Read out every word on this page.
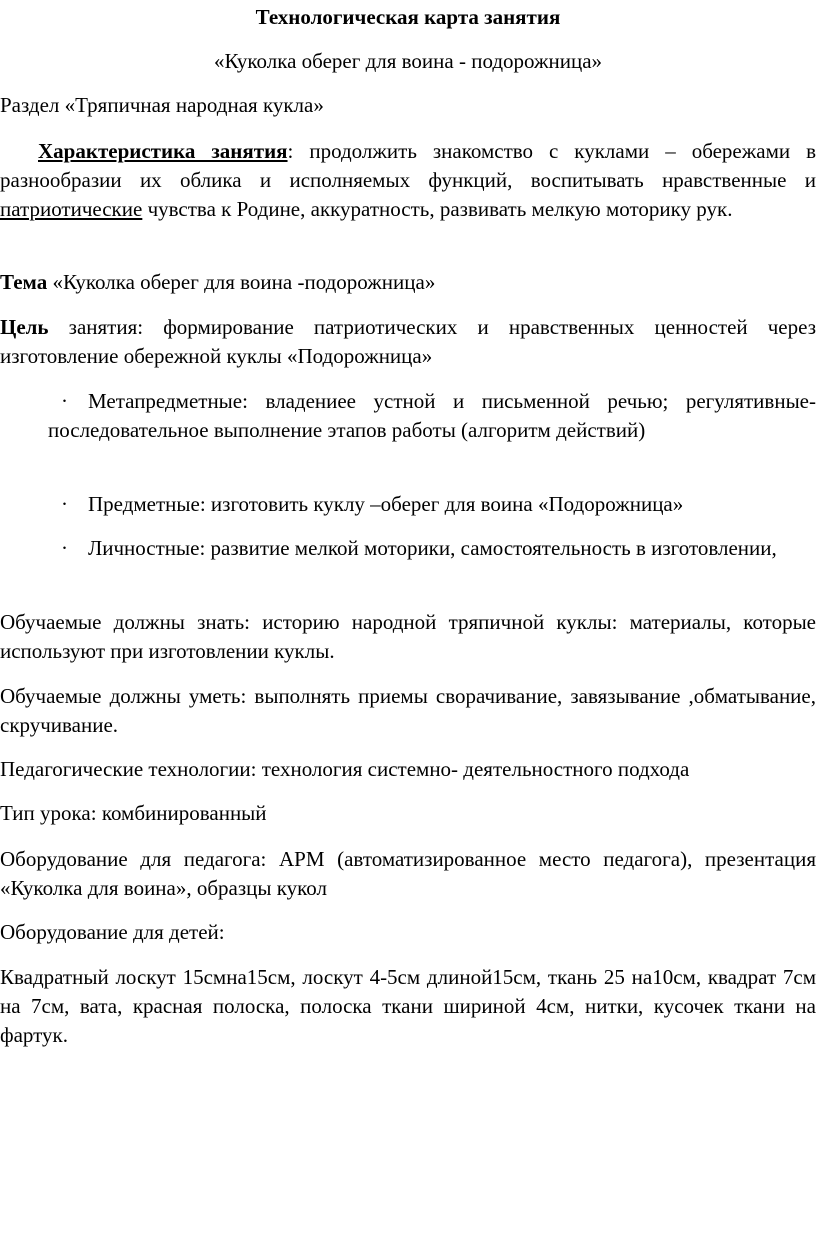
Технологическая карта занятия

«Куколка оберег для воина - подорожница»

Раздел «Тряпичная народная кукла»

Характеристика занятия: продолжить знакомство с куклами – обережами в разнообразии их облика и исполняемых функций, воспитывать нравственные и патриотические чувства к Родине, аккуратность, развивать мелкую моторику рук.

Тема «Куколка оберег для воина -подорожница»

Цель занятия: формирование патриотических и нравственных ценностей через изготовление обережной куклы «Подорожница»

· Метапредметные: владениее устной и письменной речью; регулятивные-последовательное выполнение этапов работы (алгоритм действий)

· Предметные: изготовить куклу –оберег для воина «Подорожница»

· Личностные: развитие мелкой моторики, самостоятельность в изготовлении,

Обучаемые должны знать: историю народной тряпичной куклы: материалы, которые используют при изготовлении куклы.

Обучаемые должны уметь: выполнять приемы сворачивание, завязывание ,обматывание, скручивание.

Педагогические технологии: технология системно- деятельностного подхода

Тип урока: комбинированный

Оборудование для педагога: АРМ (автоматизированное место педагога), презентация «Куколка для воина», образцы кукол

Оборудование для детей:

Квадратный лоскут 15смна15см, лоскут 4-5см длиной15см, ткань 25 на10см, квадрат 7см на 7см, вата, красная полоска, полоска ткани шириной 4см, нитки, кусочек ткани на фартук.
